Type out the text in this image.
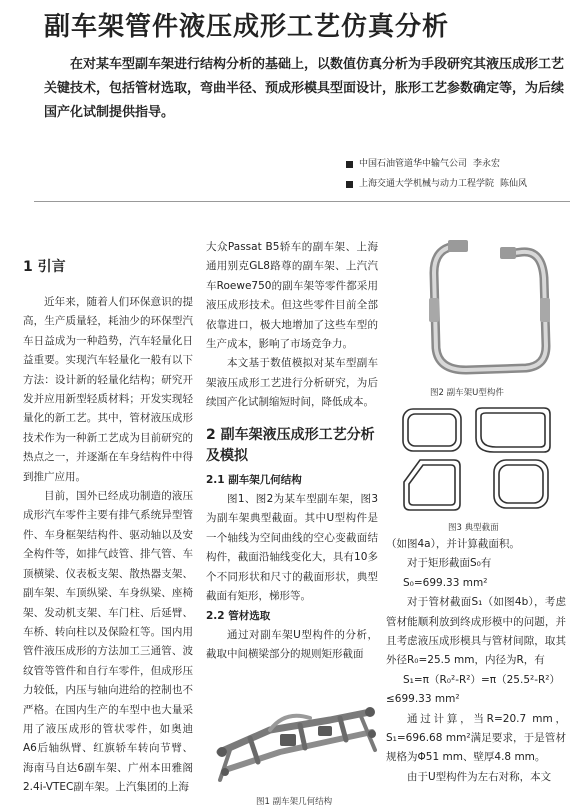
副车架管件液压成形工艺仿真分析
在对某车型副车架进行结构分析的基础上，以数值仿真分析为手段研究其液压成形工艺关键技术，包括管材选取，弯曲半径、预成形模具型面设计，胀形工艺参数确定等，为后续国产化试制提供指导。
中国石油管道华中输气公司 李永宏
上海交通大学机械与动力工程学院 陈仙风
1 引言

近年来，随着人们环保意识的提高，生产质量轻，耗油少的环保型汽车日益成为一种趋势，汽车轻量化日益重要。实现汽车轻量化一般有以下方法：设计新的轻量化结构；研究开发并应用新型轻质材料；开发实现轻量化的新工艺。其中，管材液压成形技术作为一种新工艺成为目前研究的热点之一，并逐渐在车身结构件中得到推广应用。

目前，国外已经成功制造的液压成形汽车零件主要有排气系统异型管件、车身框架结构件、驱动轴以及安全构件等，如排气歧管、排气管、车顶横梁、仪表板支架、散热器支架、副车架、车顶纵梁、车身纵梁、座椅架、发动机支架、车门柱、后延臂、车桥、转向柱以及保险杠等。国内用管件液压成形的方法加工三通管、波纹管等管件和自行车零件，但成形压力较低，内压与轴向进给的控制也不严格。在国内生产的车型中也大量采用了液压成形的管状零件，如奥迪A6后轴纵臂、红旗轿车转向节臂、海南马自达6副车架、广州本田雅阁2.4i-VTEC副车架。上汽集团的上海

大众Passat B5轿车的副车架、上海通用别克GL8路尊的副车架、上汽汽车Roewe750的副车架等零件都采用液压成形技术。但这些零件目前全部依靠进口，极大地增加了这些车型的生产成本，影响了市场竞争力。

本文基于数值模拟对某车型副车架液压成形工艺进行分析研究，为后续国产化试制缩短时间，降低成本。

2 副车架液压成形工艺分析及模拟
2.1 副车架几何结构

图1、图2为某车型副车架，图3为副车架典型截面。其中U型构件是一个轴线为空间曲线的空心变截面结构件，截面沿轴线变化大，具有10多个不同形状和尺寸的截面形状，典型截面有矩形，梯形等。

2.2 管材选取

通过对副车架U型构件的分析，截取中间横梁部分的规则矩形截面

图2 副车架U型构件
图3 典型截面

（如图4a），并计算截面积。

对于矩形截面S₀有

S₀=699.33 mm²

对于管材截面S₁（如图4b），考虑管材能顺利放到终成形模中的问题，并且考虑液压成形模具与管材间隙，取其外径R₀=25.5 mm，内径为R，有

S₁=π（R₀²-R²）=π（25.5²-R²）

≤699.33 mm²

通过计算，当R=20.7 mm，S₁=696.68 mm²满足要求，于是管材规格为Φ51 mm、壁厚4.8 mm。

由于U型构件为左右对称，本文

图1 副车架几何结构
